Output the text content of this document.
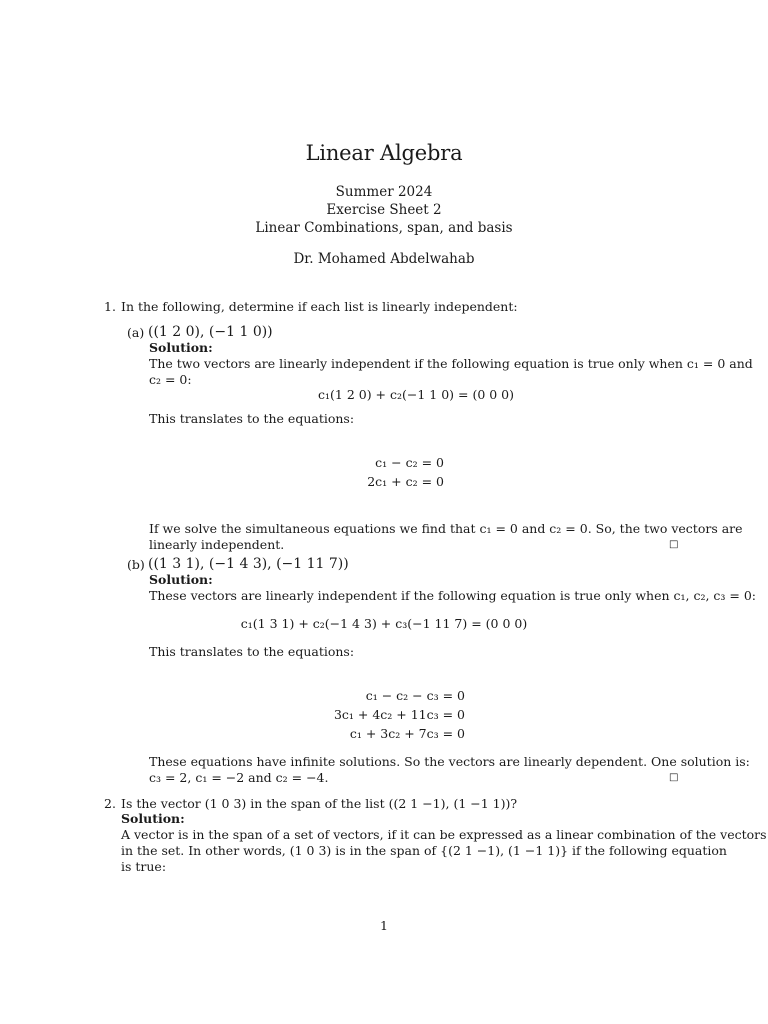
Linear Algebra
Summer 2024
Exercise Sheet 2
Linear Combinations, span, and basis
Dr. Mohamed Abdelwahab
1. In the following, determine if each list is linearly independent:
(a) ((1 2 0), (−1 1 0))
Solution:
The two vectors are linearly independent if the following equation is true only when c₁ = 0 and
c₂ = 0:
c₁(1 2 0) + c₂(−1 1 0) = (0 0 0)
This translates to the equations:
c₁ − c₂ = 0
2c₁ + c₂ = 0
If we solve the simultaneous equations we find that c₁ = 0 and c₂ = 0. So, the two vectors are
linearly independent.	□
(b) ((1 3 1), (−1 4 3), (−1 11 7))
Solution:
These vectors are linearly independent if the following equation is true only when c₁, c₂, c₃ = 0:
c₁(1 3 1) + c₂(−1 4 3) + c₃(−1 11 7) = (0 0 0)
This translates to the equations:
c₁ − c₂ − c₃ = 0
3c₁ + 4c₂ + 11c₃ = 0
c₁ + 3c₂ + 7c₃ = 0
These equations have infinite solutions. So the vectors are linearly dependent. One solution is:
c₃ = 2, c₁ = −2 and c₂ = −4.	□
2. Is the vector (1 0 3) in the span of the list ((2 1 −1), (1 −1 1))?
Solution:
A vector is in the span of a set of vectors, if it can be expressed as a linear combination of the vectors
in the set. In other words, (1 0 3) is in the span of {(2 1 −1), (1 −1 1)} if the following equation
is true:
1
